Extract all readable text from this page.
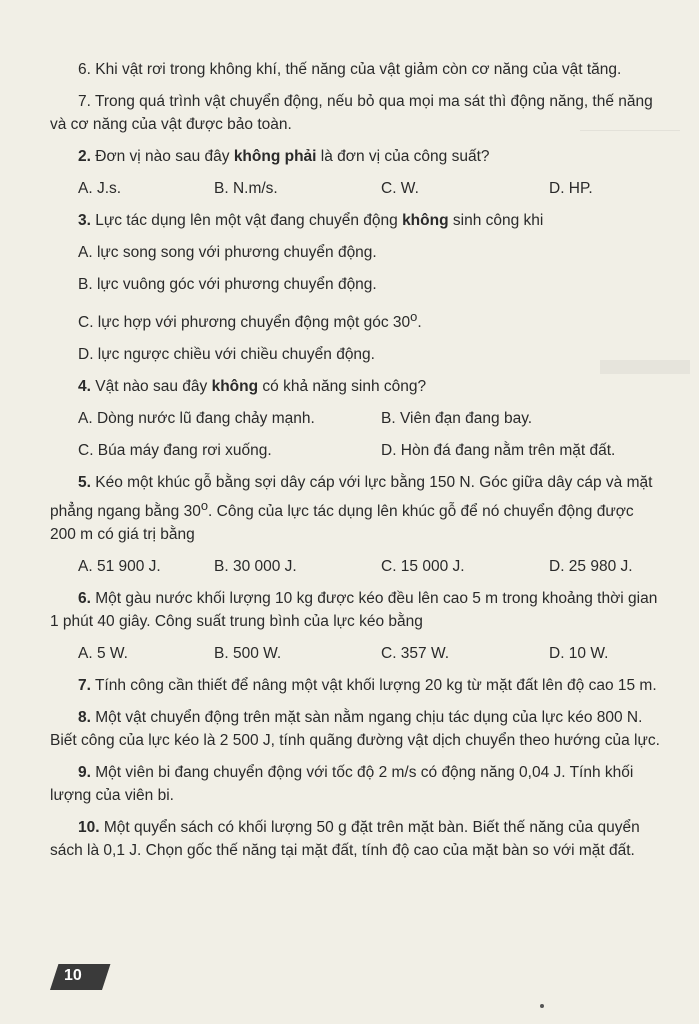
6. Khi vật rơi trong không khí, thế năng của vật giảm còn cơ năng của vật tăng.

7. Trong quá trình vật chuyển động, nếu bỏ qua mọi ma sát thì động năng, thế năng và cơ năng của vật được bảo toàn.

2. Đơn vị nào sau đây không phải là đơn vị của công suất?

A. J.s.	B. N.m/s.	C. W.	D. HP.

3. Lực tác dụng lên một vật đang chuyển động không sinh công khi

A. lực song song với phương chuyển động.

B. lực vuông góc với phương chuyển động.

C. lực hợp với phương chuyển động một góc 30$^o$.

D. lực ngược chiều với chiều chuyển động.

4. Vật nào sau đây không có khả năng sinh công?

A. Dòng nước lũ đang chảy mạnh.	B. Viên đạn đang bay.
C. Búa máy đang rơi xuống.	D. Hòn đá đang nằm trên mặt đất.

5. Kéo một khúc gỗ bằng sợi dây cáp với lực bằng 150 N. Góc giữa dây cáp và mặt phẳng ngang bằng 30$^o$. Công của lực tác dụng lên khúc gỗ để nó chuyển động được 200 m có giá trị bằng

A. 51 900 J.	B. 30 000 J.	C. 15 000 J.	D. 25 980 J.

6. Một gàu nước khối lượng 10 kg được kéo đều lên cao 5 m trong khoảng thời gian 1 phút 40 giây. Công suất trung bình của lực kéo bằng

A. 5 W.	B. 500 W.	C. 357 W.	D. 10 W.

7. Tính công cần thiết để nâng một vật khối lượng 20 kg từ mặt đất lên độ cao 15 m.

8. Một vật chuyển động trên mặt sàn nằm ngang chịu tác dụng của lực kéo 800 N. Biết công của lực kéo là 2 500 J, tính quãng đường vật dịch chuyển theo hướng của lực.

9. Một viên bi đang chuyển động với tốc độ 2 m/s có động năng 0,04 J. Tính khối lượng của viên bi.

10. Một quyển sách có khối lượng 50 g đặt trên mặt bàn. Biết thế năng của quyển sách là 0,1 J. Chọn gốc thế năng tại mặt đất, tính độ cao của mặt bàn so với mặt đất.

10
